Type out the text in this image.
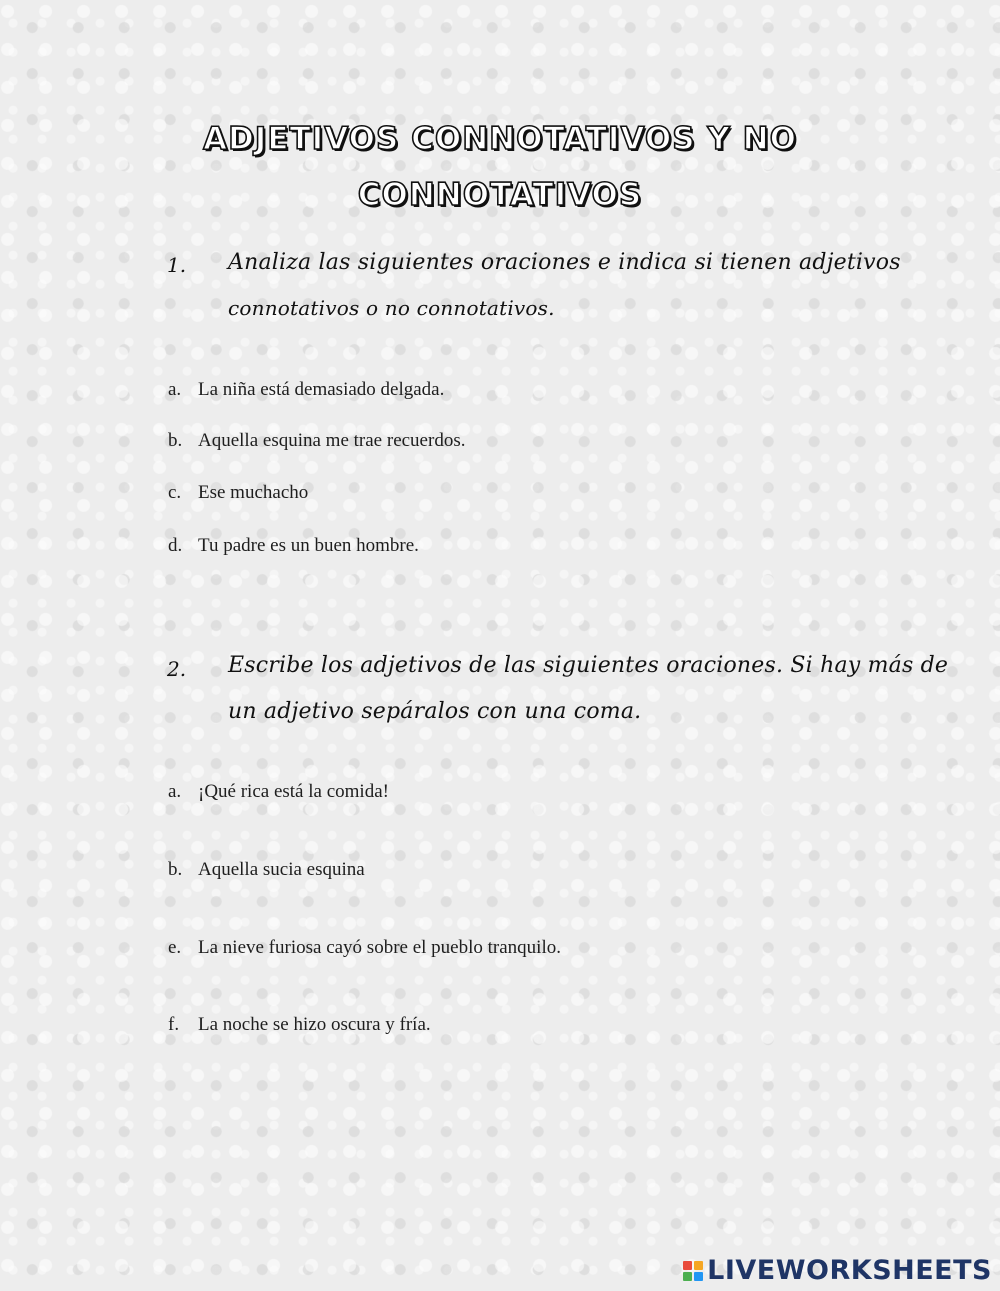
ADJETIVOS CONNOTATIVOS Y NO
CONNOTATIVOS
1. Analiza las siguientes oraciones e indica si tienen adjetivos
connotativos o no connotativos.
a. La niña está demasiado delgada.
b. Aquella esquina me trae recuerdos.
c. Ese muchacho
d. Tu padre es un buen hombre.
2. Escribe los adjetivos de las siguientes oraciones. Si hay más de
un adjetivo sepáralos con una coma.
a. ¡Qué rica está la comida!
b. Aquella sucia esquina
e. La nieve furiosa cayó sobre el pueblo tranquilo.
f. La noche se hizo oscura y fría.
LIVEWORKSHEETS
